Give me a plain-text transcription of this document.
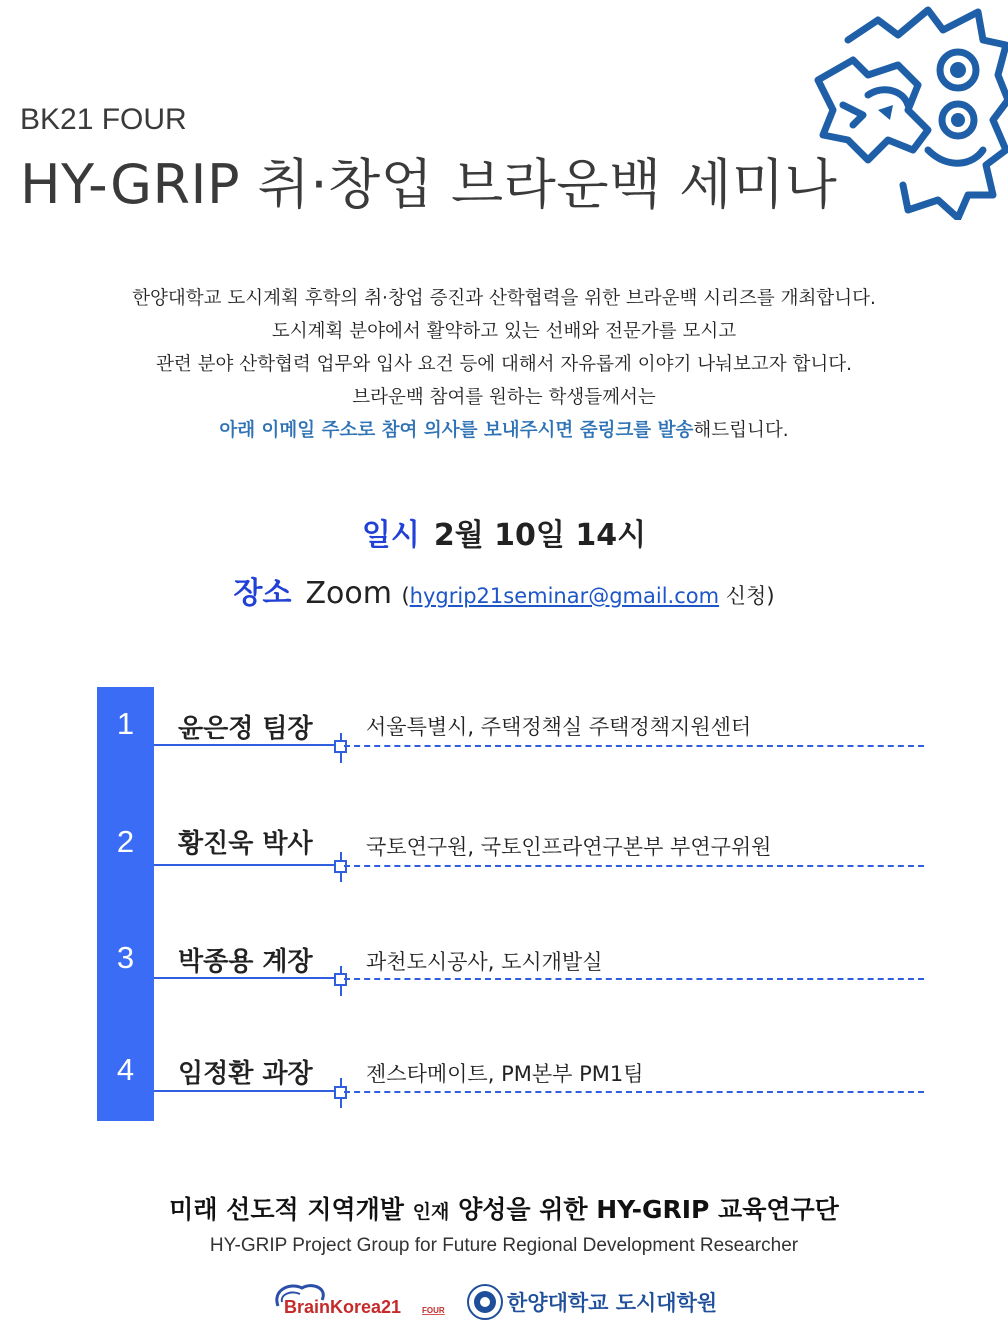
BK21 FOUR
HY-GRIP 취·창업 브라운백 세미나
한양대학교 도시계획 후학의 취·창업 증진과 산학협력을 위한 브라운백 시리즈를 개최합니다.
도시계획 분야에서 활약하고 있는 선배와 전문가를 모시고
관련 분야 산학협력 업무와 입사 요건 등에 대해서 자유롭게 이야기 나눠보고자 합니다.
브라운백 참여를 원하는 학생들께서는
아래 이메일 주소로 참여 의사를 보내주시면 줌링크를 발송해드립니다.
일시 2월 10일 14시
장소 Zoom (hygrip21seminar@gmail.com 신청)
1	윤은정 팀장	서울특별시, 주택정책실 주택정책지원센터
2	황진욱 박사	국토연구원, 국토인프라연구본부 부연구위원
3	박종용 계장	과천도시공사, 도시개발실
4	임정환 과장	젠스타메이트, PM본부 PM1팀
미래 선도적 지역개발 인재 양성을 위한 HY-GRIP 교육연구단
HY-GRIP Project Group for Future Regional Development Researcher
BrainKorea21	FOUR	한양대학교 도시대학원
